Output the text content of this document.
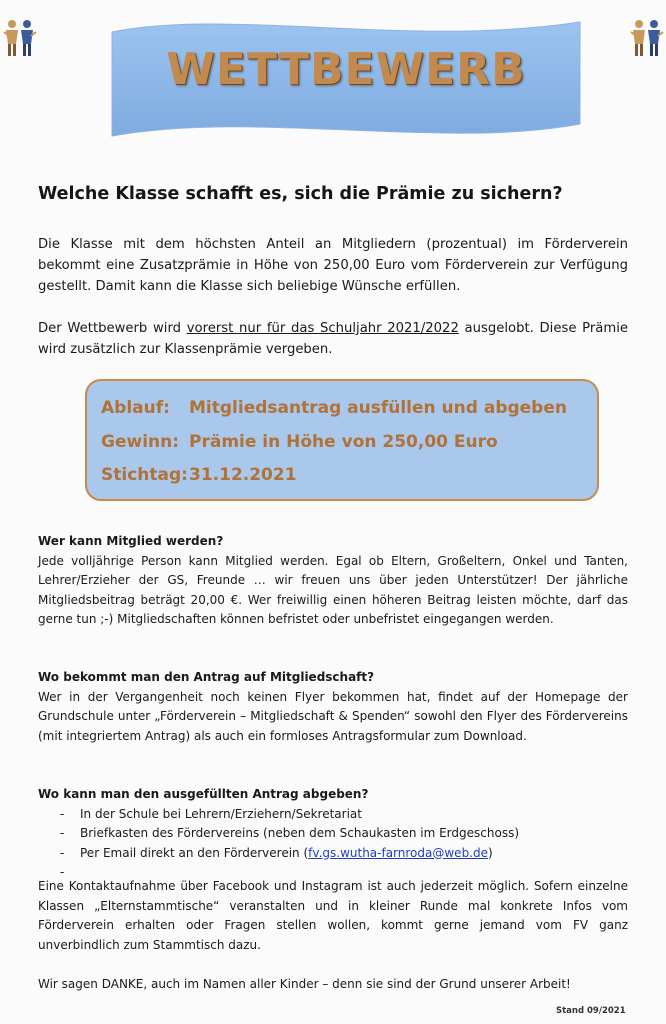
WETTBEWERB
Welche Klasse schafft es, sich die Prämie zu sichern?
Die Klasse mit dem höchsten Anteil an Mitgliedern (prozentual) im Förderverein bekommt eine Zusatzprämie in Höhe von 250,00 Euro vom Förderverein zur Verfügung gestellt. Damit kann die Klasse sich beliebige Wünsche erfüllen.
Der Wettbewerb wird vorerst nur für das Schuljahr 2021/2022 ausgelobt. Diese Prämie wird zusätzlich zur Klassenprämie vergeben.
Ablauf: Mitgliedsantrag ausfüllen und abgeben
Gewinn: Prämie in Höhe von 250,00 Euro
Stichtag:31.12.2021
Wer kann Mitglied werden?
Jede volljährige Person kann Mitglied werden. Egal ob Eltern, Großeltern, Onkel und Tanten, Lehrer/Erzieher der GS, Freunde … wir freuen uns über jeden Unterstützer! Der jährliche Mitgliedsbeitrag beträgt 20,00 €. Wer freiwillig einen höheren Beitrag leisten möchte, darf das gerne tun ;-) Mitgliedschaften können befristet oder unbefristet eingegangen werden.
Wo bekommt man den Antrag auf Mitgliedschaft?
Wer in der Vergangenheit noch keinen Flyer bekommen hat, findet auf der Homepage der Grundschule unter „Förderverein – Mitgliedschaft & Spenden“ sowohl den Flyer des Fördervereins (mit integriertem Antrag) als auch ein formloses Antragsformular zum Download.
Wo kann man den ausgefüllten Antrag abgeben?
- In der Schule bei Lehrern/Erziehern/Sekretariat
- Briefkasten des Fördervereins (neben dem Schaukasten im Erdgeschoss)
- Per Email direkt an den Förderverein (fv.gs.wutha-farnroda@web.de)
-
Eine Kontaktaufnahme über Facebook und Instagram ist auch jederzeit möglich. Sofern einzelne Klassen „Elternstammtische“ veranstalten und in kleiner Runde mal konkrete Infos vom Förderverein erhalten oder Fragen stellen wollen, kommt gerne jemand vom FV ganz unverbindlich zum Stammtisch dazu.
Wir sagen DANKE, auch im Namen aller Kinder – denn sie sind der Grund unserer Arbeit!
Stand 09/2021
